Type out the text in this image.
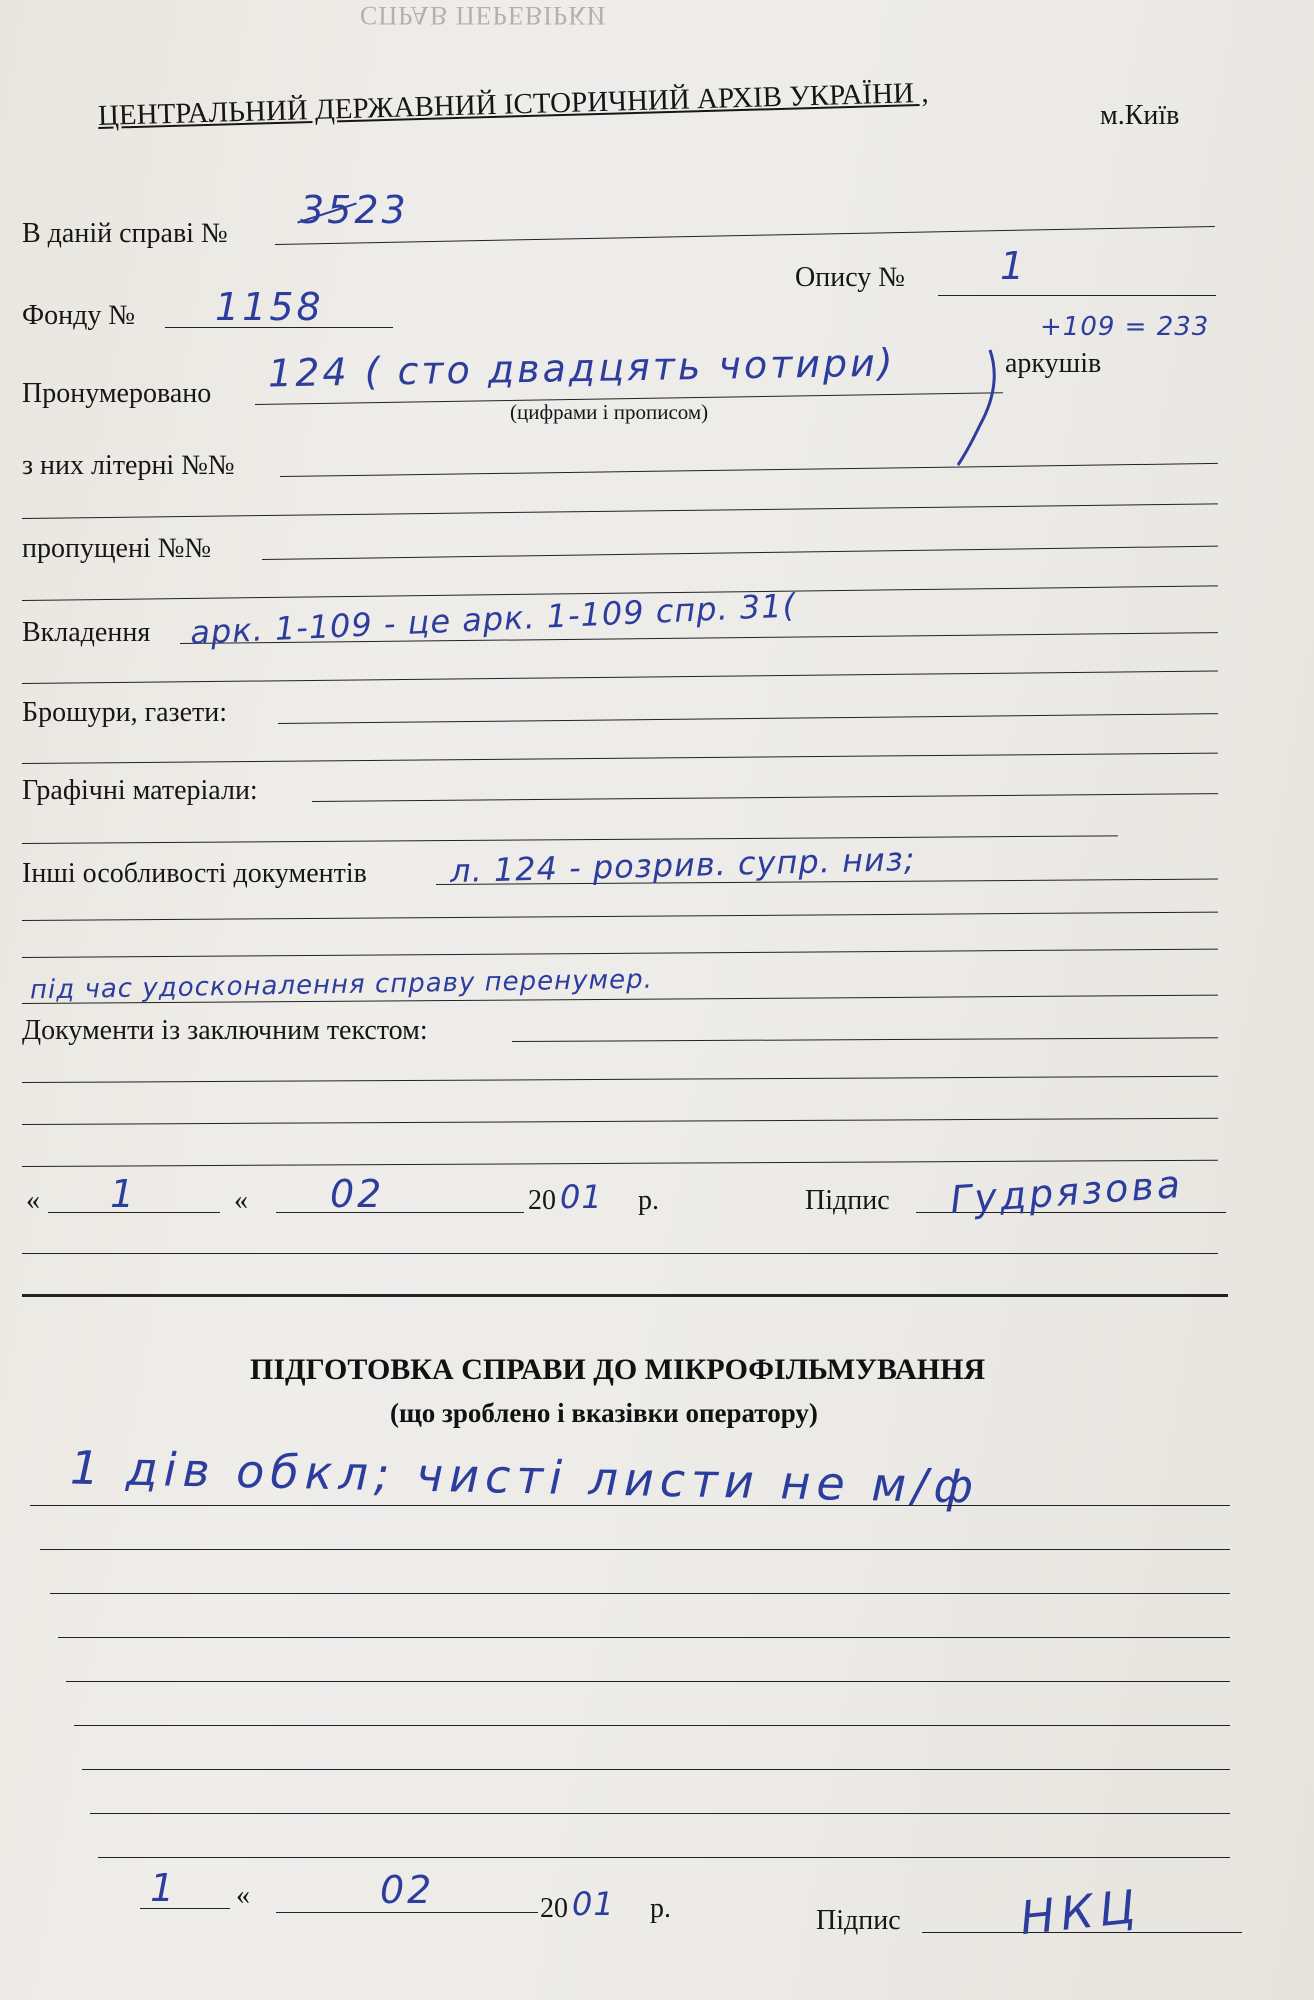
СПРАВ ПЕРЕВІРКИ
ЦЕНТРАЛЬНИЙ ДЕРЖАВНИЙ ІСТОРИЧНИЙ АРХІВ УКРАЇНИ ,	м.Київ
В даній справі №
3523
Опису №	1
Фонду № 1158
Пронумеровано 124 ( сто двадцять чотири)	аркушів
+109 = 233
(цифрами і прописом)
з них літерні №№
пропущені №№
Вкладення арк. 1-109 - це арк. 1-109 спр. 31(
Брошури, газети:
Графічні матеріали:
Інші особливості документів	л. 124 - розрив. супр. низ;
під час удосконалення справу перенумер.
Документи із заключним текстом:
« 1	« 02	20 01 р.	Підпис Гудрязова
ПІДГОТОВКА СПРАВИ ДО МІКРОФІЛЬМУВАННЯ
(що зроблено і вказівки оператору)
1 дів обкл; чисті листи не м/ф
1 «	02	20 01 р.	Підпис	НКЦ
